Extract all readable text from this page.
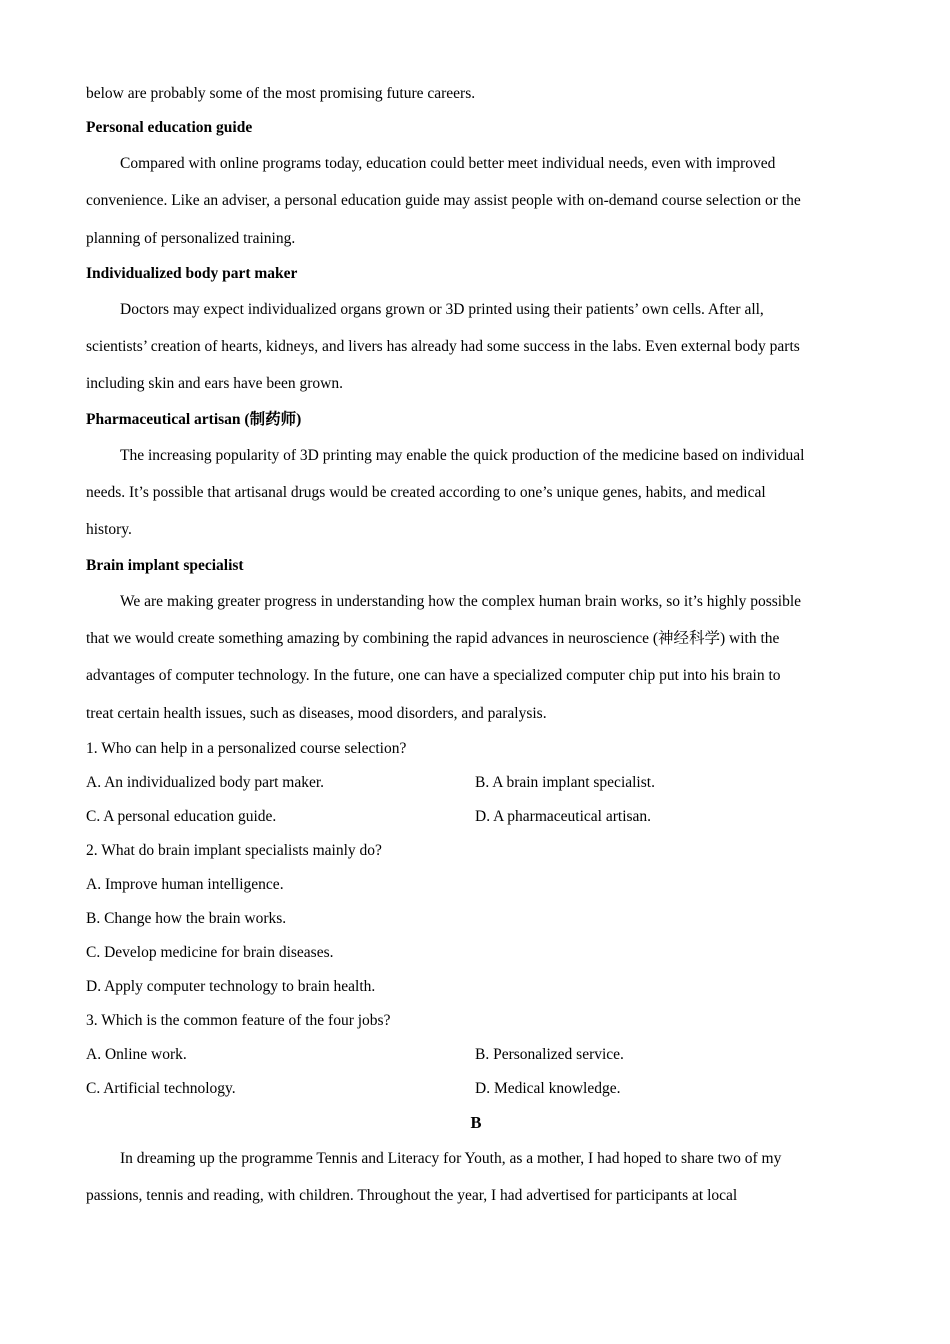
below are probably some of the most promising future careers.
Personal education guide
Compared with online programs today, education could better meet individual needs, even with improved
convenience. Like an adviser, a personal education guide may assist people with on-demand course selection or the
planning of personalized training.
Individualized body part maker
Doctors may expect individualized organs grown or 3D printed using their patients’ own cells. After all,
scientists’ creation of hearts, kidneys, and livers has already had some success in the labs. Even external body parts
including skin and ears have been grown.
Pharmaceutical artisan (制药师)
The increasing popularity of 3D printing may enable the quick production of the medicine based on individual
needs. It’s possible that artisanal drugs would be created according to one’s unique genes, habits, and medical
history.
Brain implant specialist
We are making greater progress in understanding how the complex human brain works, so it’s highly possible
that we would create something amazing by combining the rapid advances in neuroscience (神经科学) with the
advantages of computer technology. In the future, one can have a specialized computer chip put into his brain to
treat certain health issues, such as diseases, mood disorders, and paralysis.
1. Who can help in a personalized course selection?
A. An individualized body part maker.	B. A brain implant specialist.
C. A personal education guide.	D. A pharmaceutical artisan.
2. What do brain implant specialists mainly do?
A. Improve human intelligence.
B. Change how the brain works.
C. Develop medicine for brain diseases.
D. Apply computer technology to brain health.
3. Which is the common feature of the four jobs?
A. Online work.	B. Personalized service.
C. Artificial technology.	D. Medical knowledge.
B
In dreaming up the programme Tennis and Literacy for Youth, as a mother, I had hoped to share two of my
passions, tennis and reading, with children. Throughout the year, I had advertised for participants at local
